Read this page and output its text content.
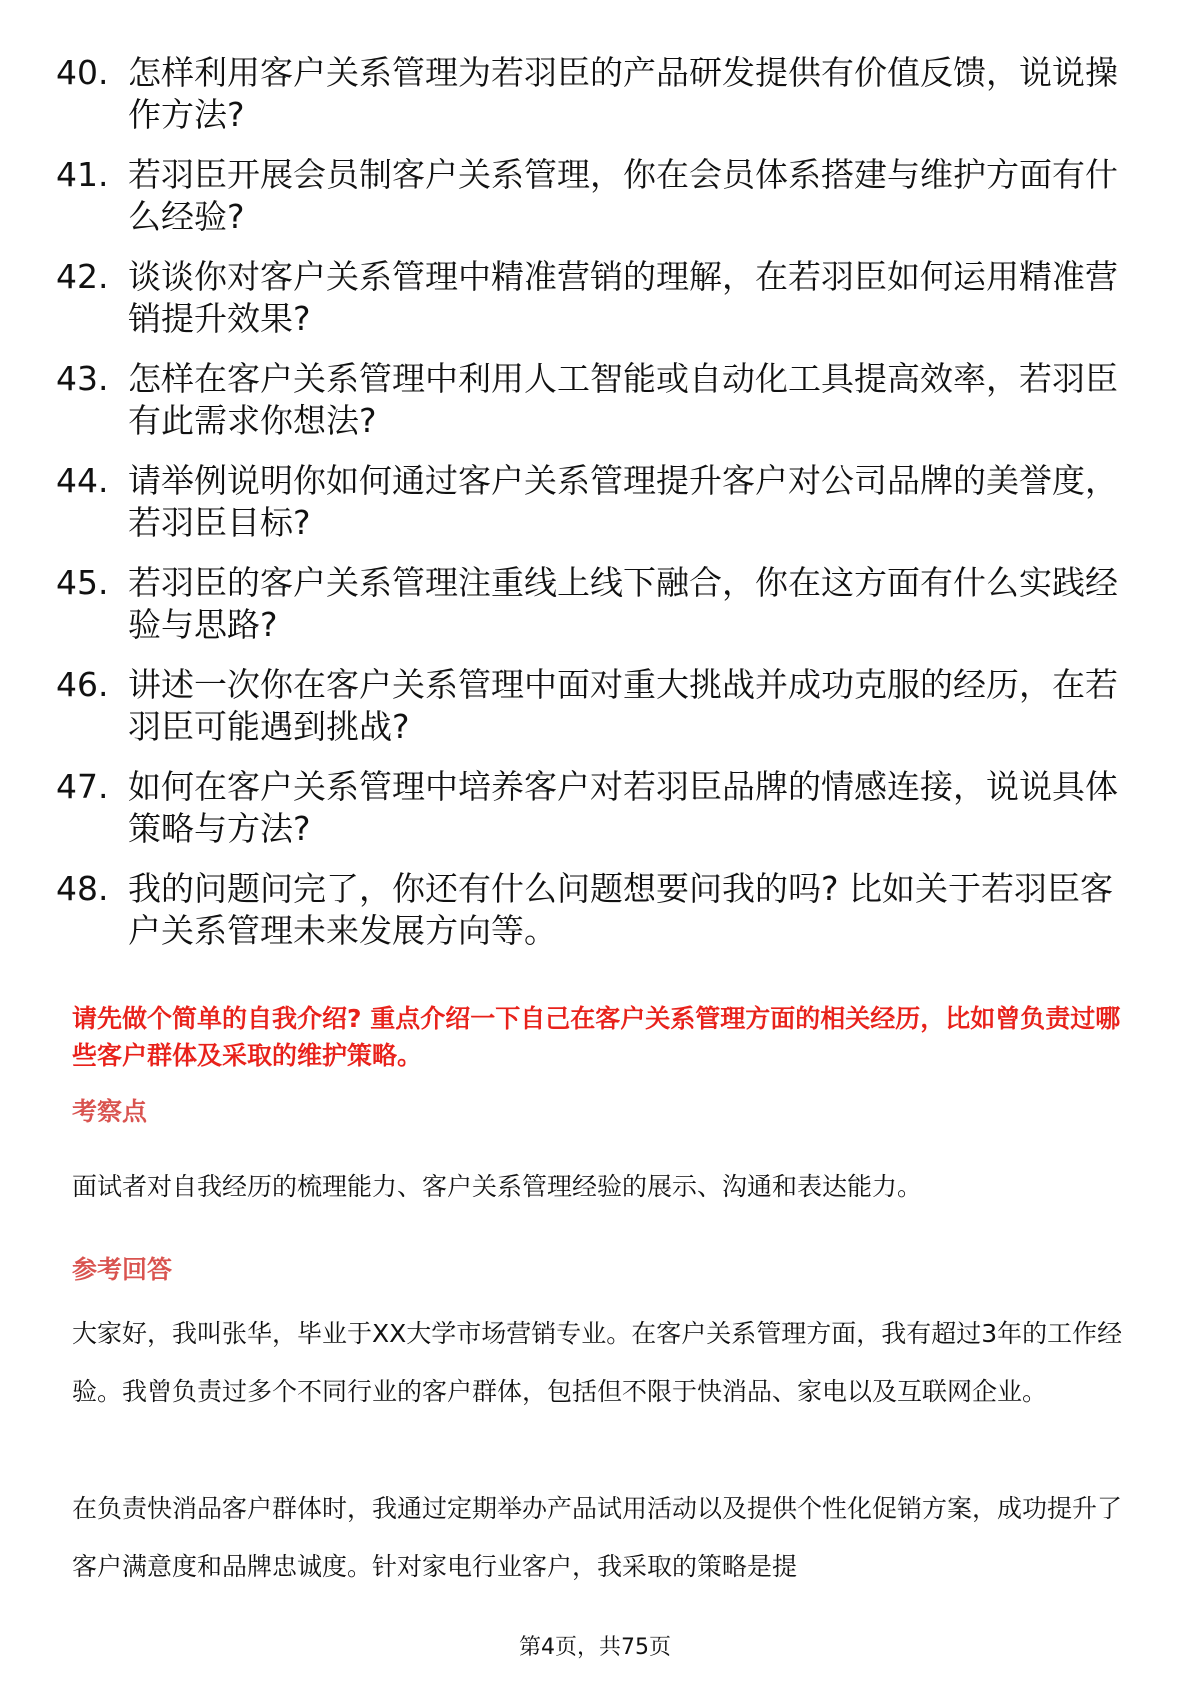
40. 怎样利用客户关系管理为若羽臣的产品研发提供有价值反馈，说说操作方法?
41. 若羽臣开展会员制客户关系管理，你在会员体系搭建与维护方面有什么经验?
42. 谈谈你对客户关系管理中精准营销的理解，在若羽臣如何运用精准营销提升效果?
43. 怎样在客户关系管理中利用人工智能或自动化工具提高效率，若羽臣有此需求你想法?
44. 请举例说明你如何通过客户关系管理提升客户对公司品牌的美誉度，若羽臣目标?
45. 若羽臣的客户关系管理注重线上线下融合，你在这方面有什么实践经验与思路?
46. 讲述一次你在客户关系管理中面对重大挑战并成功克服的经历，在若羽臣可能遇到挑战?
47. 如何在客户关系管理中培养客户对若羽臣品牌的情感连接，说说具体策略与方法?
48. 我的问题问完了，你还有什么问题想要问我的吗? 比如关于若羽臣客户关系管理未来发展方向等。

请先做个简单的自我介绍? 重点介绍一下自己在客户关系管理方面的相关经历，比如曾负责过哪些客户群体及采取的维护策略。

考察点

面试者对自我经历的梳理能力、客户关系管理经验的展示、沟通和表达能力。

参考回答

大家好，我叫张华，毕业于XX大学市场营销专业。在客户关系管理方面，我有超过3年的工作经验。我曾负责过多个不同行业的客户群体，包括但不限于快消品、家电以及互联网企业。

在负责快消品客户群体时，我通过定期举办产品试用活动以及提供个性化促销方案，成功提升了客户满意度和品牌忠诚度。针对家电行业客户，我采取的策略是提

第4页，共75页
